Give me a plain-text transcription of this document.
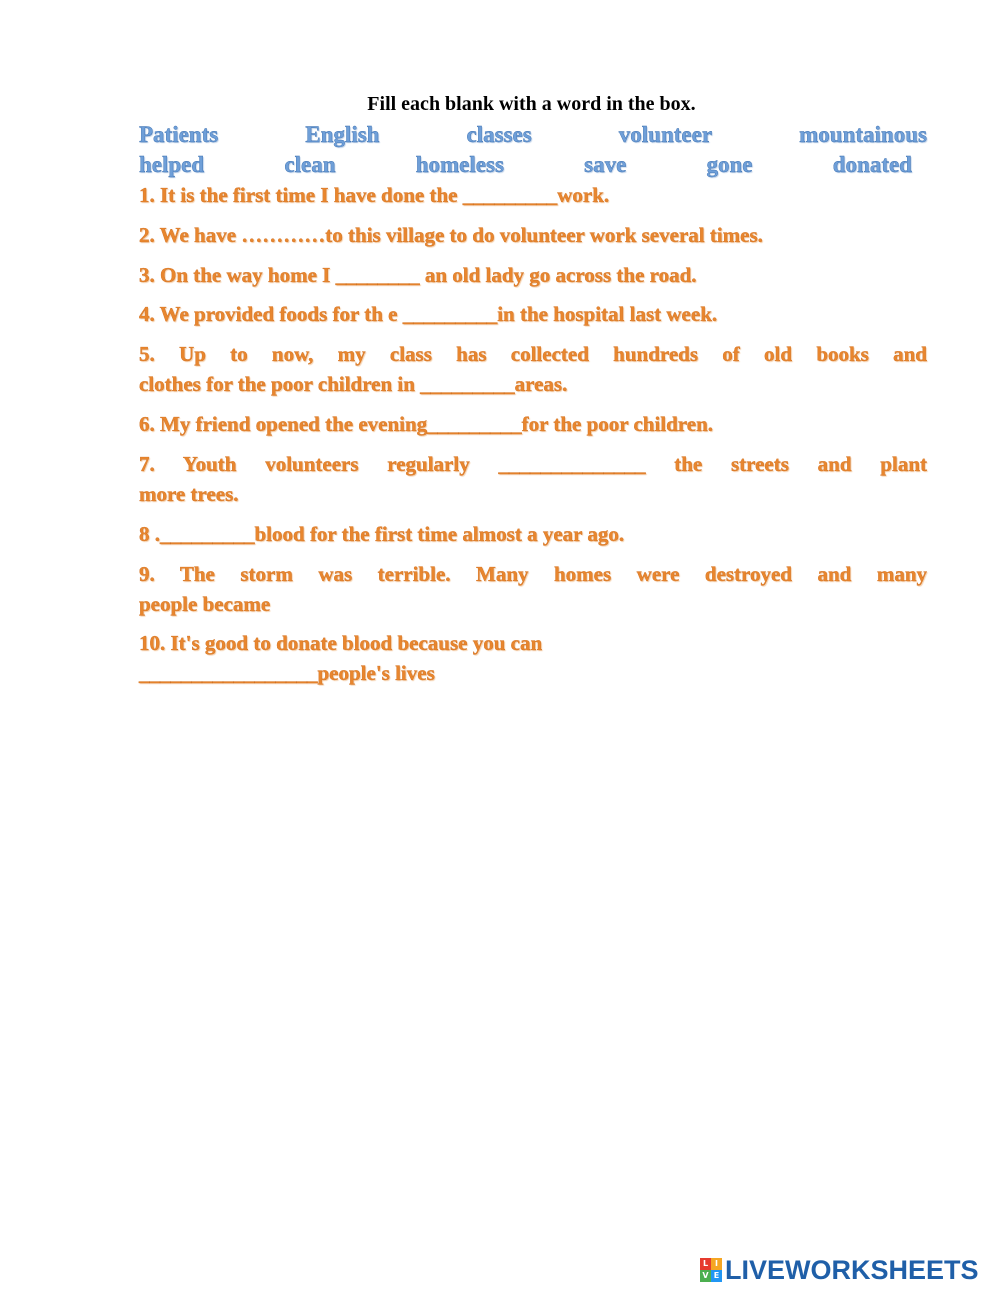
Fill each blank with a word in the box.
Patients	English	classes	volunteer	mountainous
helped	clean	homeless	save	gone	donated
1. It is the first time I have done the _________work.
2. We have …………to this village to do volunteer work several times.
3. On the way home I ________ an old lady go across the road.
4. We provided foods for th e _________in the hospital last week.
5. Up to now, my class has collected hundreds of old books and
clothes for the poor children in _________areas.
6. My friend opened the evening_________for the poor children.
7. Youth volunteers regularly ______________ the streets and plant
more trees.
8 ._________blood for the first time almost a year ago.
9. The storm was terrible. Many homes were destroyed and many
people became
10. It's good to donate blood because you can
_________________people's lives
L I
V E LIVEWORKSHEETS
